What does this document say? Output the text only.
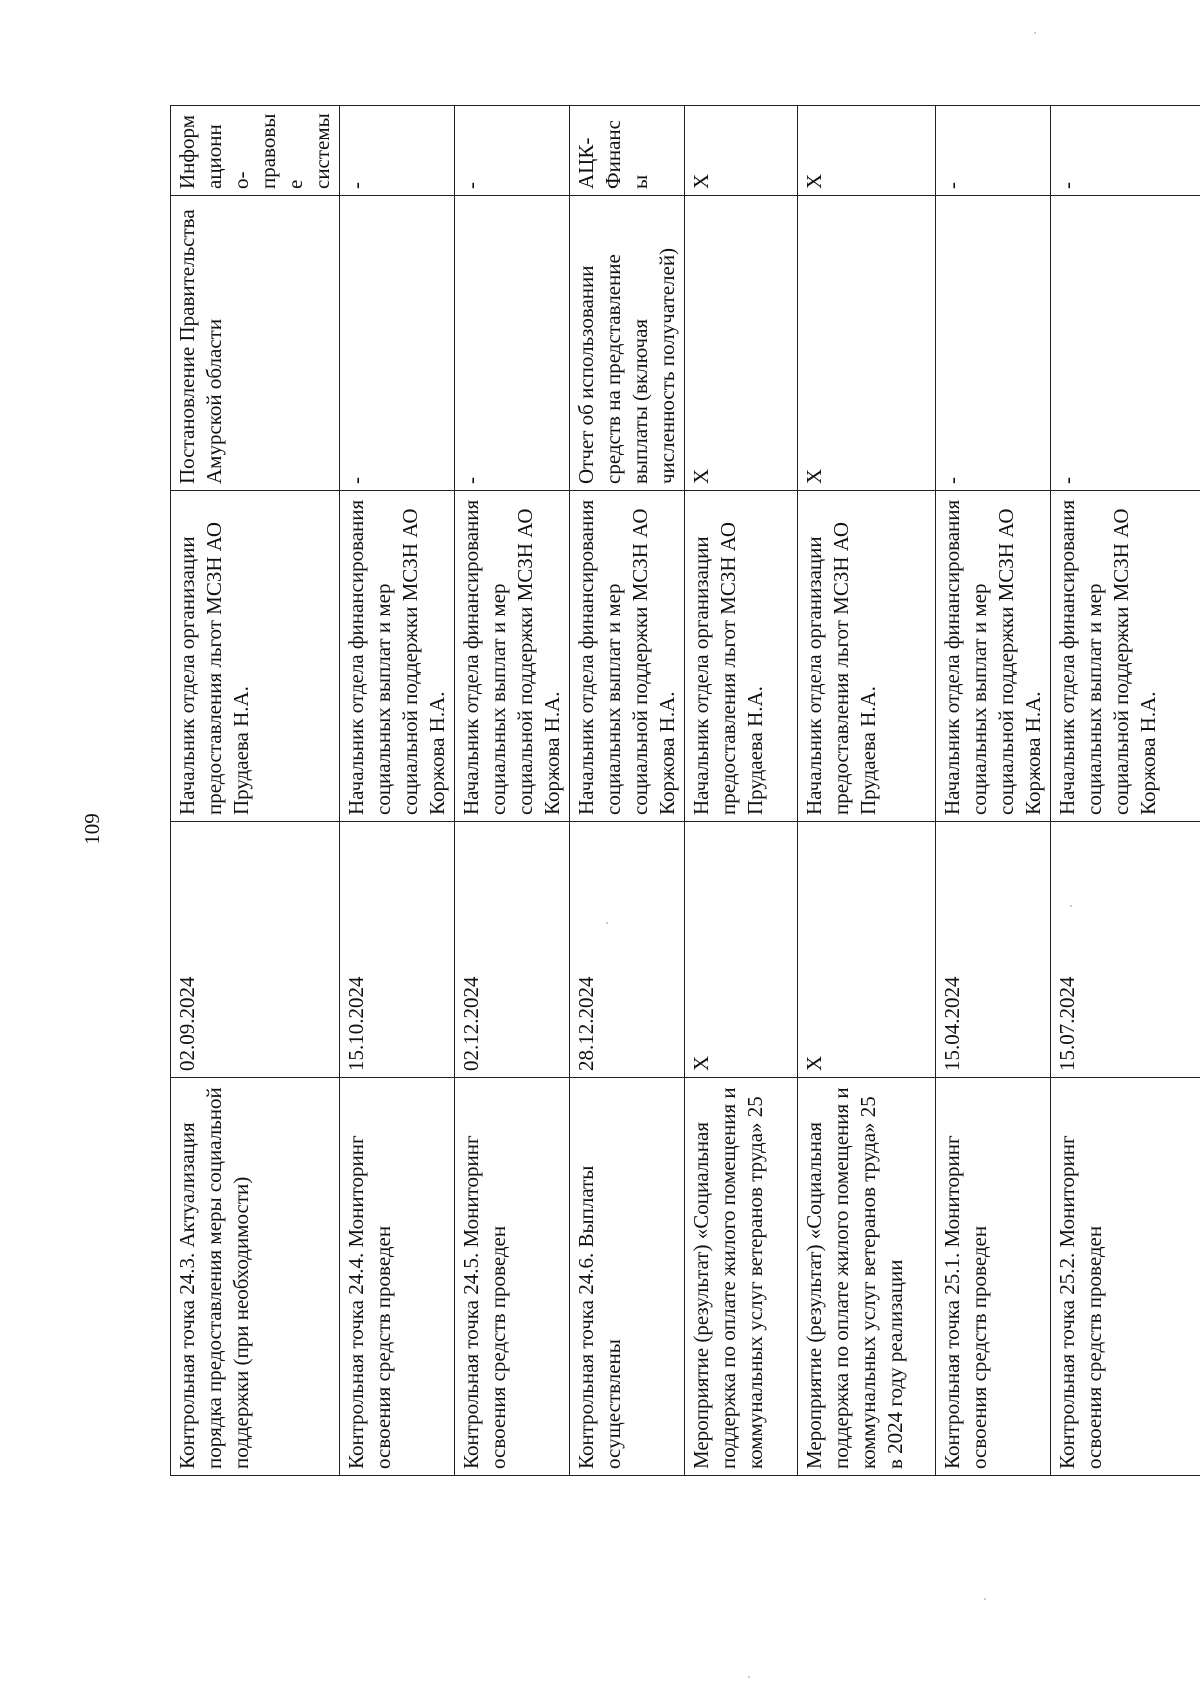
109
Контрольная точка 24.3. Актуализация порядка предоставления меры социальной поддержки (при необходимости)	02.09.2024	Начальник отдела организации предоставления льгот МСЗН АО Прудаева Н.А.	Постановление Правительства Амурской области	Информационн о-правовые системы
Контрольная точка 24.4. Мониторинг освоения средств проведен	15.10.2024	Начальник отдела финансирования социальных выплат и мер социальной поддержки МСЗН АО Коржова Н.А.	-	-
Контрольная точка 24.5. Мониторинг освоения средств проведен	02.12.2024	Начальник отдела финансирования социальных выплат и мер социальной поддержки МСЗН АО Коржова Н.А.	-	-
Контрольная точка 24.6. Выплаты осуществлены	28.12.2024	Начальник отдела финансирования социальных выплат и мер социальной поддержки МСЗН АО Коржова Н.А.	Отчет об использовании средств на представление выплаты (включая численность получателей)	АЦК-Финансы
Мероприятие (результат) «Социальная поддержка по оплате жилого помещения и коммунальных услуг ветеранов труда» 25	Х	Начальник отдела организации предоставления льгот МСЗН АО Прудаева Н.А.	Х	Х
Мероприятие (результат) «Социальная поддержка по оплате жилого помещения и коммунальных услуг ветеранов труда» 25 в 2024 году реализации	Х	Начальник отдела организации предоставления льгот МСЗН АО Прудаева Н.А.	Х	Х
Контрольная точка 25.1. Мониторинг освоения средств проведен	15.04.2024	Начальник отдела финансирования социальных выплат и мер социальной поддержки МСЗН АО Коржова Н.А.	-	-
Контрольная точка 25.2. Мониторинг освоения средств проведен	15.07.2024	Начальник отдела финансирования социальных выплат и мер социальной поддержки МСЗН АО Коржова Н.А.	-	-
